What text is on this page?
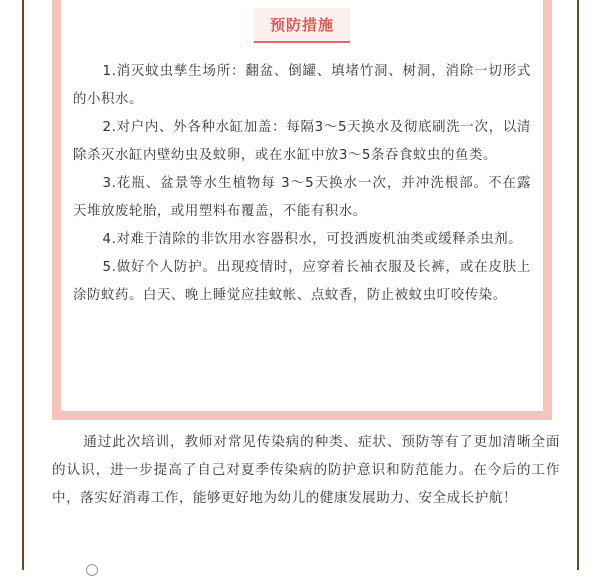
预防措施

1.消灭蚊虫孳生场所：翻盆、倒罐、填堵竹洞、树洞，消除一切形式的小积水。

2.对户内、外各种水缸加盖：每隔3～5天换水及彻底刷洗一次，以清除杀灭水缸内壁幼虫及蚊卵，或在水缸中放3～5条吞食蚊虫的鱼类。

3.花瓶、盆景等水生植物每 3～5天换水一次，并冲洗根部。不在露天堆放废轮胎，或用塑料布覆盖，不能有积水。

4.对难于清除的非饮用水容器积水，可投洒废机油类或缓释杀虫剂。

5.做好个人防护。出现疫情时，应穿着长袖衣服及长裤，或在皮肤上涂防蚊药。白天、晚上睡觉应挂蚊帐、点蚊香，防止被蚊虫叮咬传染。

通过此次培训，教师对常见传染病的种类、症状、预防等有了更加清晰全面的认识，进一步提高了自己对夏季传染病的防护意识和防范能力。在今后的工作中，落实好消毒工作，能够更好地为幼儿的健康发展助力、安全成长护航！
